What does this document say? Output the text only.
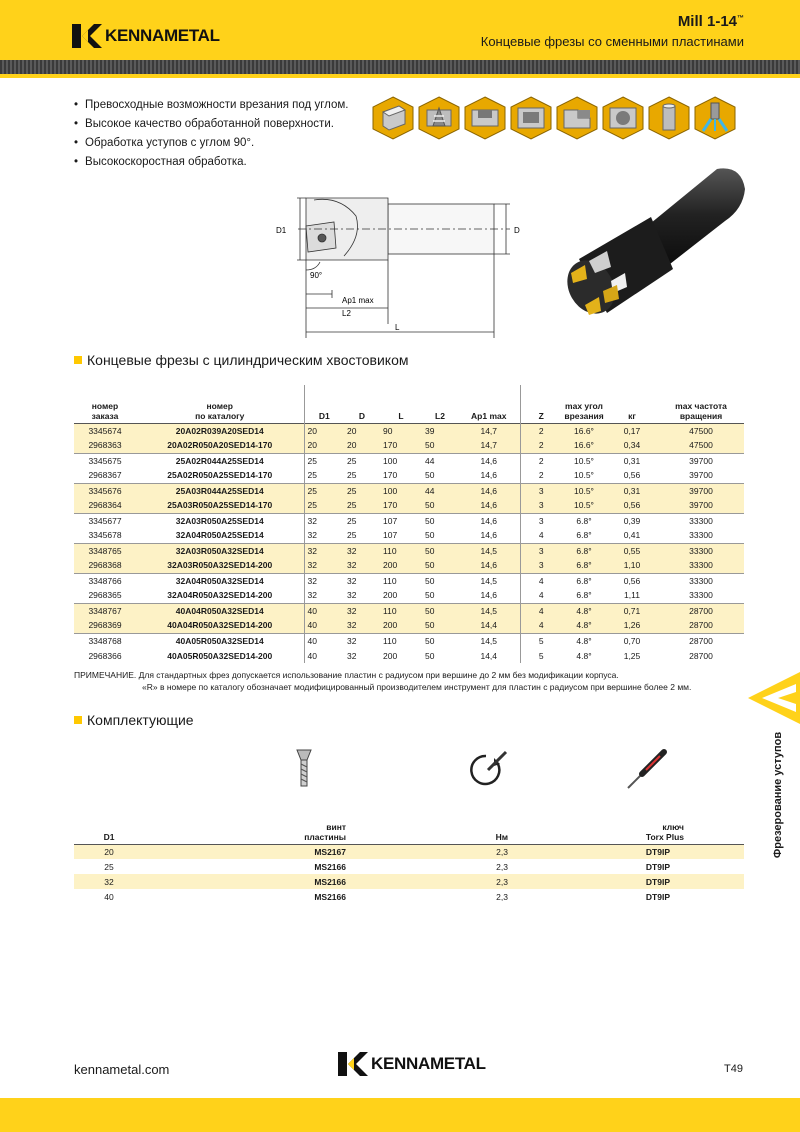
KENNAMETAL
Mill 1-14™
Концевые фрезы со сменными пластинами
• Превосходные возможности врезания под углом.
• Высокое качество обработанной поверхности.
• Обработка уступов с углом 90°.
• Высокоскоростная обработка.
D1	D
90°
Ap1 max
L2
L
Концевые фрезы с цилиндрическим хвостовиком
номер
заказа	номер
по каталогу	D1	D	L	L2	Ap1 max	Z	max угол
врезания	кг	max частота
вращения
3345674	20A02R039A20SED14	20	20	90	39	14,7	2	16.6°	0,17	47500
2968363	20A02R050A20SED14-170	20	20	170	50	14,7	2	16.6°	0,34	47500
3345675	25A02R044A25SED14	25	25	100	44	14,6	2	10.5°	0,31	39700
2968367	25A02R050A25SED14-170	25	25	170	50	14,6	2	10.5°	0,56	39700
3345676	25A03R044A25SED14	25	25	100	44	14,6	3	10.5°	0,31	39700
2968364	25A03R050A25SED14-170	25	25	170	50	14,6	3	10.5°	0,56	39700
3345677	32A03R050A25SED14	32	25	107	50	14,6	3	6.8°	0,39	33300
3345678	32A04R050A25SED14	32	25	107	50	14,6	4	6.8°	0,41	33300
3348765	32A03R050A32SED14	32	32	110	50	14,5	3	6.8°	0,55	33300
2968368	32A03R050A32SED14-200	32	32	200	50	14,6	3	6.8°	1,10	33300
3348766	32A04R050A32SED14	32	32	110	50	14,5	4	6.8°	0,56	33300
2968365	32A04R050A32SED14-200	32	32	200	50	14,6	4	6.8°	1,11	33300
3348767	40A04R050A32SED14	40	32	110	50	14,5	4	4.8°	0,71	28700
2968369	40A04R050A32SED14-200	40	32	200	50	14,4	4	4.8°	1,26	28700
3348768	40A05R050A32SED14	40	32	110	50	14,5	5	4.8°	0,70	28700
2968366	40A05R050A32SED14-200	40	32	200	50	14,4	5	4.8°	1,25	28700
ПРИМЕЧАНИЕ. Для стандартных фрез допускается использование пластин с радиусом при вершине до 2 мм без модификации корпуса.
«R» в номере по каталогу обозначает модифицированный производителем инструмент для пластин с радиусом при вершине более 2 мм.
Комплектующие
D1	винт
пластины	Нм	ключ
Torx Plus
20	MS2167	2,3	DT9IP
25	MS2166	2,3	DT9IP
32	MS2166	2,3	DT9IP
40	MS2166	2,3	DT9IP
Фрезерование уступов
kennametal.com	KENNAMETAL	T49
